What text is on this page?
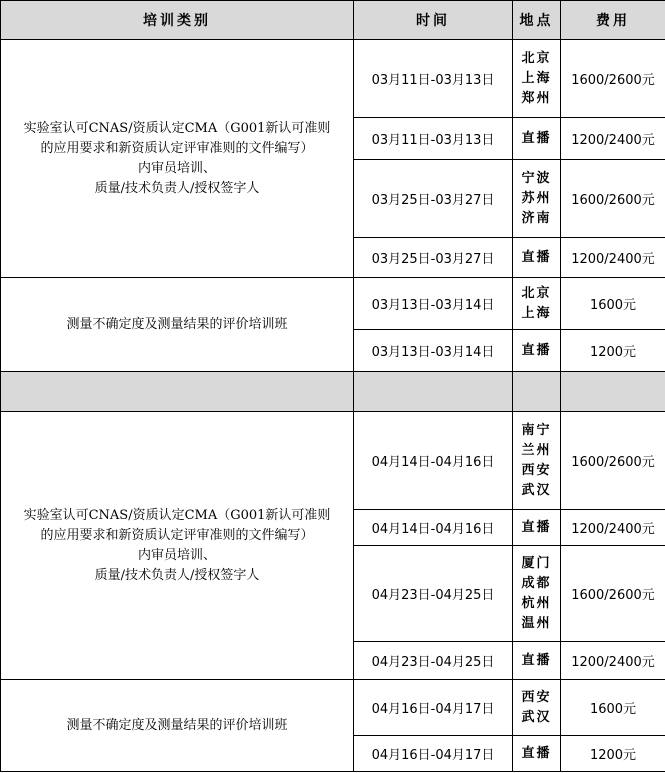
培训类别	时间	地点	费用

实验室认可CNAS/资质认定CMA（G001新认可准则
的应用要求和新资质认定评审准则的文件编写）
内审员培训、
质量/技术负责人/授权签字人	03月11日-03月13日	北京
上海
郑州	1600/2600元
	03月11日-03月13日	直播	1200/2400元
	03月25日-03月27日	宁波
苏州
济南	1600/2600元
	03月25日-03月27日	直播	1200/2400元

测量不确定度及测量结果的评价培训班	03月13日-03月14日	北京
上海	1600元
	03月13日-03月14日	直播	1200元

实验室认可CNAS/资质认定CMA（G001新认可准则
的应用要求和新资质认定评审准则的文件编写）
内审员培训、
质量/技术负责人/授权签字人	04月14日-04月16日	南宁
兰州
西安
武汉	1600/2600元
	04月14日-04月16日	直播	1200/2400元
	04月23日-04月25日	厦门
成都
杭州
温州	1600/2600元
	04月23日-04月25日	直播	1200/2400元

测量不确定度及测量结果的评价培训班	04月16日-04月17日	西安
武汉	1600元
	04月16日-04月17日	直播	1200元
